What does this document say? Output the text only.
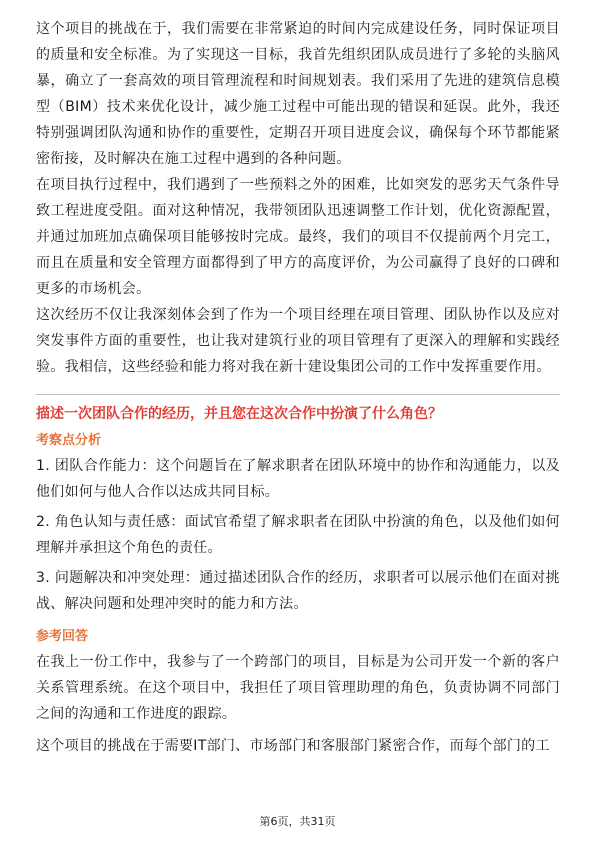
这个项目的挑战在于，我们需要在非常紧迫的时间内完成建设任务，同时保证项目的质量和安全标准。为了实现这一目标，我首先组织团队成员进行了多轮的头脑风暴，确立了一套高效的项目管理流程和时间规划表。我们采用了先进的建筑信息模型（BIM）技术来优化设计，减少施工过程中可能出现的错误和延误。此外，我还特别强调团队沟通和协作的重要性，定期召开项目进度会议，确保每个环节都能紧密衔接，及时解决在施工过程中遇到的各种问题。

在项目执行过程中，我们遇到了一些预料之外的困难，比如突发的恶劣天气条件导致工程进度受阻。面对这种情况，我带领团队迅速调整工作计划，优化资源配置，并通过加班加点确保项目能够按时完成。最终，我们的项目不仅提前两个月完工，而且在质量和安全管理方面都得到了甲方的高度评价，为公司赢得了良好的口碑和更多的市场机会。

这次经历不仅让我深刻体会到了作为一个项目经理在项目管理、团队协作以及应对突发事件方面的重要性，也让我对建筑行业的项目管理有了更深入的理解和实践经验。我相信，这些经验和能力将对我在新十建设集团公司的工作中发挥重要作用。

描述一次团队合作的经历，并且您在这次合作中扮演了什么角色？

考察点分析

1. 团队合作能力：这个问题旨在了解求职者在团队环境中的协作和沟通能力，以及他们如何与他人合作以达成共同目标。

2. 角色认知与责任感：面试官希望了解求职者在团队中扮演的角色，以及他们如何理解并承担这个角色的责任。

3. 问题解决和冲突处理：通过描述团队合作的经历，求职者可以展示他们在面对挑战、解决问题和处理冲突时的能力和方法。

参考回答

在我上一份工作中，我参与了一个跨部门的项目，目标是为公司开发一个新的客户关系管理系统。在这个项目中，我担任了项目管理助理的角色，负责协调不同部门之间的沟通和工作进度的跟踪。

这个项目的挑战在于需要IT部门、市场部门和客服部门紧密合作，而每个部门的工

第6页，共31页
